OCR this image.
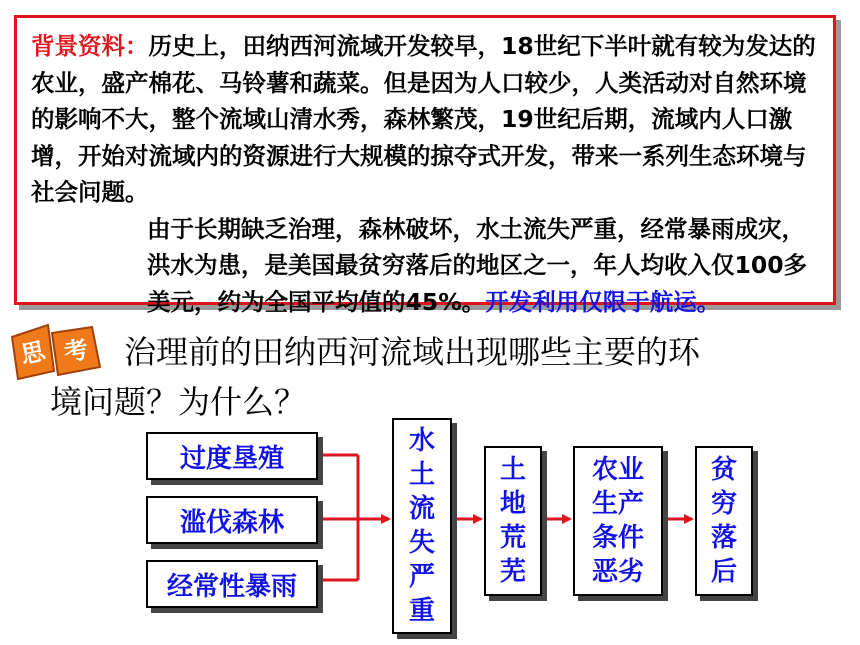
背景资料：历史上，田纳西河流域开发较早，18世纪下半叶就有较为发达的农业，盛产棉花、马铃薯和蔬菜。但是因为人口较少，人类活动对自然环境的影响不大，整个流域山清水秀，森林繁茂，19世纪后期，流域内人口激增，开始对流域内的资源进行大规模的掠夺式开发，带来一系列生态环境与社会问题。

由于长期缺乏治理，森林破坏，水土流失严重，经常暴雨成灾，洪水为患，是美国最贫穷落后的地区之一，年人均收入仅100多美元，约为全国平均值的45%。开发利用仅限于航运。

思 考	治理前的田纳西河流域出现哪些主要的环
境问题？为什么？
过度垦殖
滥伐森林
经常性暴雨
水
土
流
失
严
重
土
地
荒
芜
农业
生产
条件
恶劣
贫
穷
落
后
